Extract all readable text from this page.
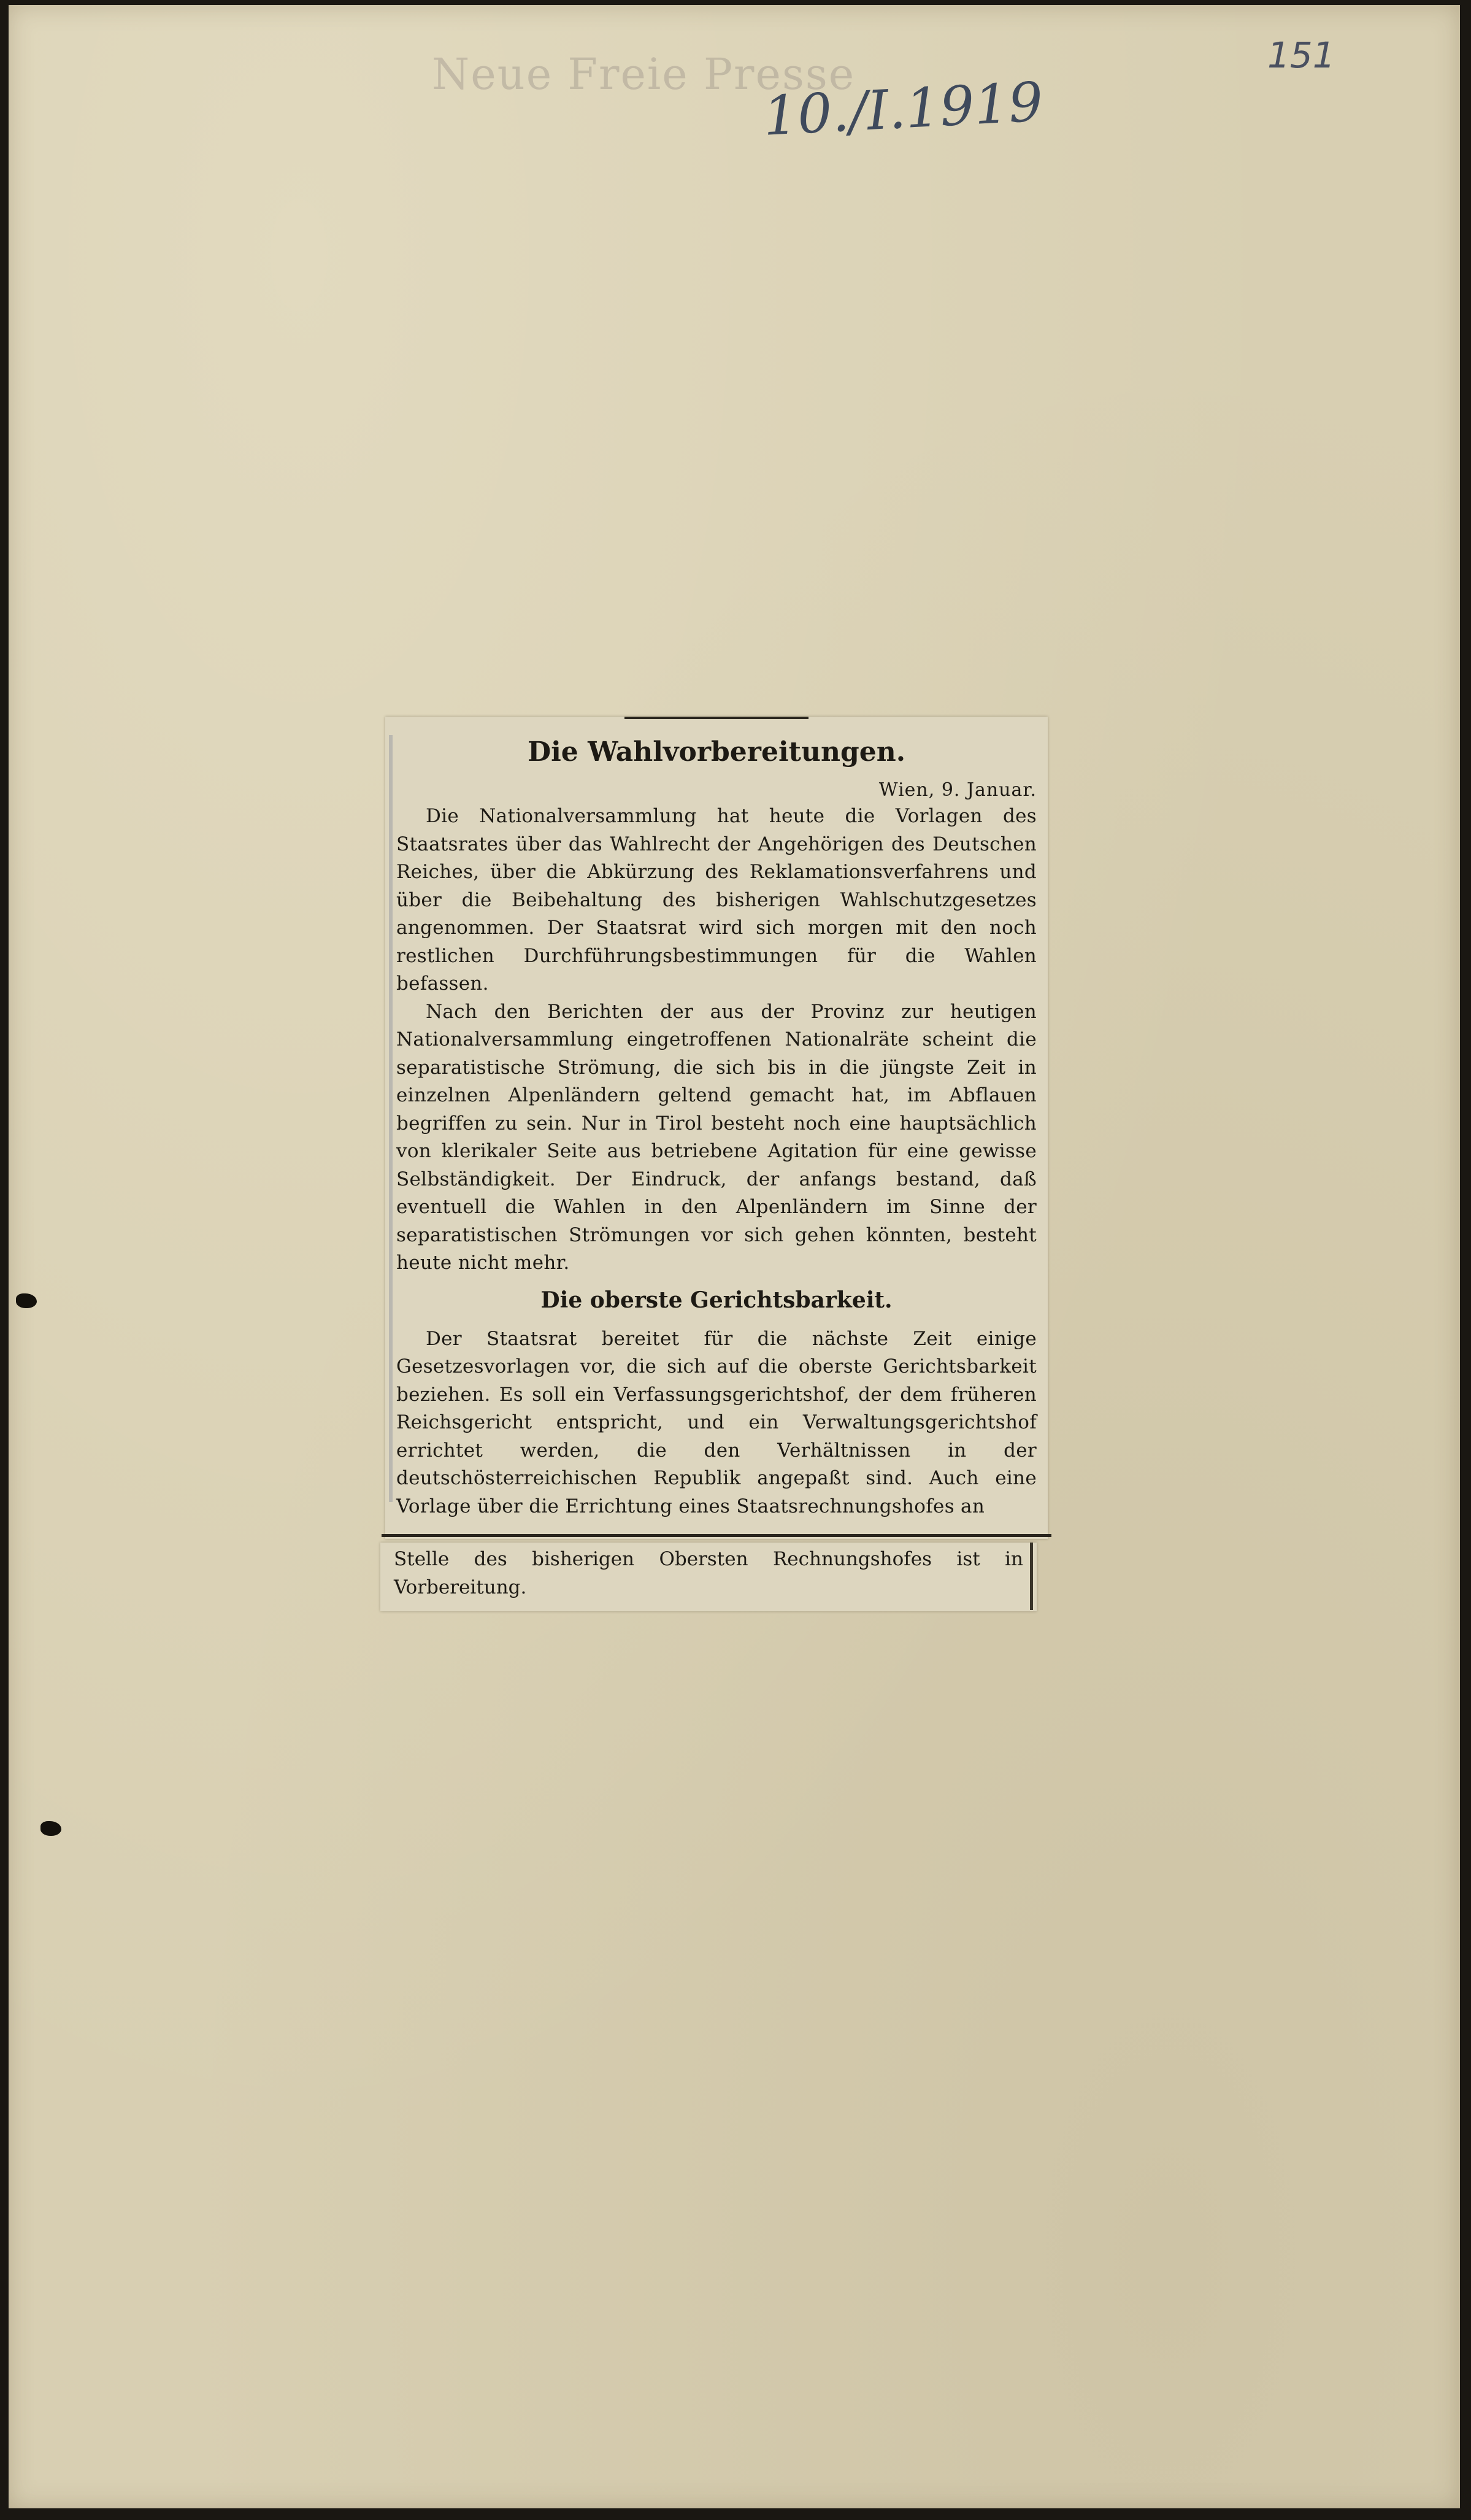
Neue Freie Presse
10./I.1919
151
Die Wahlvorbereitungen.
Wien, 9. Januar.

Die Nationalversammlung hat heute die Vorlagen des Staatsrates über das Wahlrecht der Angehörigen des Deutschen Reiches, über die Abkürzung des Reklamationsverfahrens und über die Beibehaltung des bisherigen Wahlschutzgesetzes angenommen. Der Staatsrat wird sich morgen mit den noch restlichen Durchführungsbestimmungen für die Wahlen befassen.

Nach den Berichten der aus der Provinz zur heutigen Nationalversammlung eingetroffenen Nationalräte scheint die separatistische Strömung, die sich bis in die jüngste Zeit in einzelnen Alpenländern geltend gemacht hat, im Abflauen begriffen zu sein. Nur in Tirol besteht noch eine hauptsächlich von klerikaler Seite aus betriebene Agitation für eine gewisse Selbständigkeit. Der Eindruck, der anfangs bestand, daß eventuell die Wahlen in den Alpenländern im Sinne der separatistischen Strömungen vor sich gehen könnten, besteht heute nicht mehr.

Die oberste Gerichtsbarkeit.

Der Staatsrat bereitet für die nächste Zeit einige Gesetzesvorlagen vor, die sich auf die oberste Gerichtsbarkeit beziehen. Es soll ein Verfassungsgerichtshof, der dem früheren Reichsgericht entspricht, und ein Verwaltungsgerichtshof errichtet werden, die den Verhältnissen in der deutschösterreichischen Republik angepaßt sind. Auch eine Vorlage über die Errichtung eines Staatsrechnungshofes an

Stelle des bisherigen Obersten Rechnungshofes ist in Vorbereitung.
